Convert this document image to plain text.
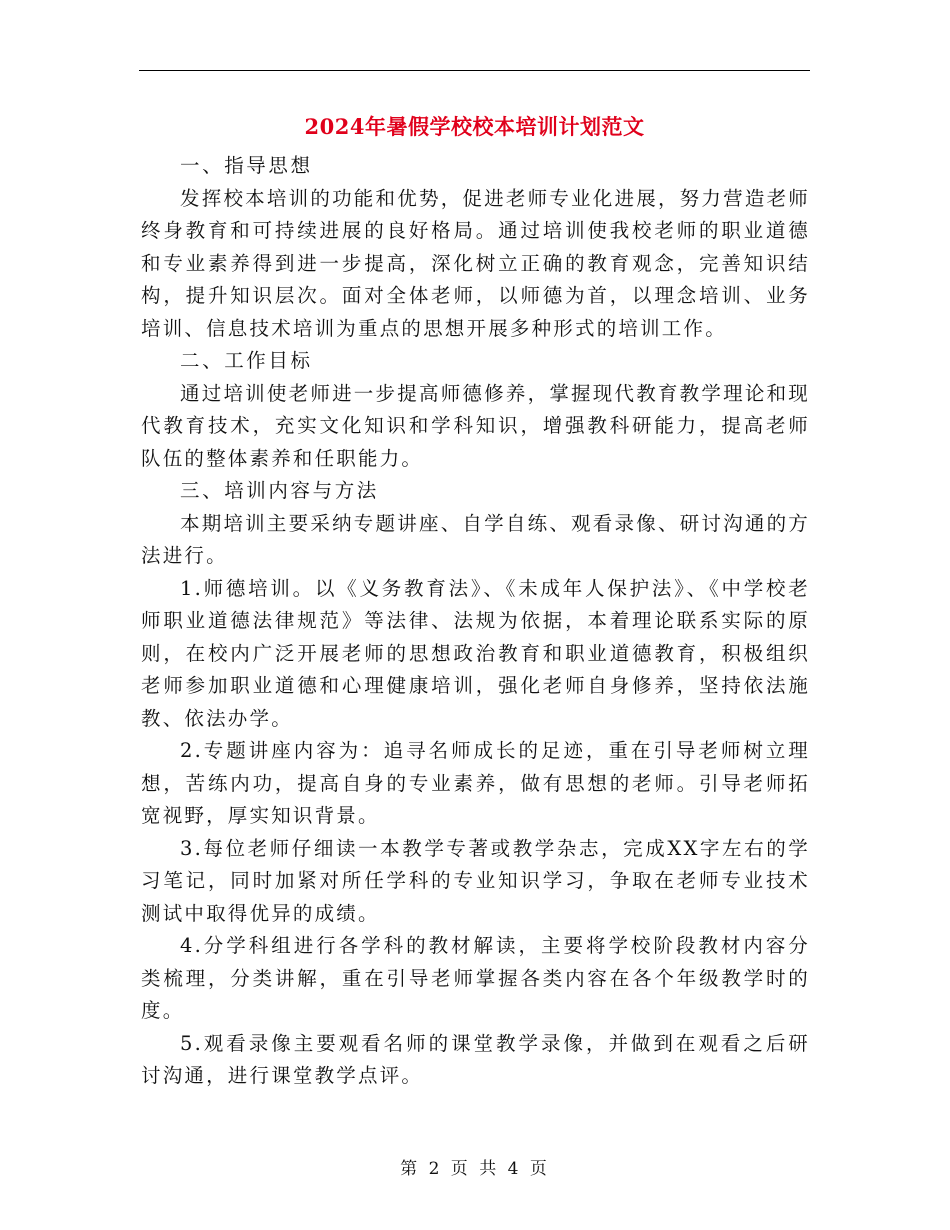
2024年暑假学校校本培训计划范文

一、指导思想

发挥校本培训的功能和优势，促进老师专业化进展，努力营造老师终身教育和可持续进展的良好格局。通过培训使我校老师的职业道德和专业素养得到进一步提高，深化树立正确的教育观念，完善知识结构，提升知识层次。面对全体老师，以师德为首，以理念培训、业务培训、信息技术培训为重点的思想开展多种形式的培训工作。

二、工作目标

通过培训使老师进一步提高师德修养，掌握现代教育教学理论和现代教育技术，充实文化知识和学科知识，增强教科研能力，提高老师队伍的整体素养和任职能力。

三、培训内容与方法

本期培训主要采纳专题讲座、自学自练、观看录像、研讨沟通的方法进行。

1.师德培训。以《义务教育法》、《未成年人保护法》、《中学校老师职业道德法律规范》等法律、法规为依据，本着理论联系实际的原则，在校内广泛开展老师的思想政治教育和职业道德教育，积极组织老师参加职业道德和心理健康培训，强化老师自身修养，坚持依法施教、依法办学。

2.专题讲座内容为：追寻名师成长的足迹，重在引导老师树立理想，苦练内功，提高自身的专业素养，做有思想的老师。引导老师拓宽视野，厚实知识背景。

3.每位老师仔细读一本教学专著或教学杂志，完成XX字左右的学习笔记，同时加紧对所任学科的专业知识学习，争取在老师专业技术测试中取得优异的成绩。

4.分学科组进行各学科的教材解读，主要将学校阶段教材内容分类梳理，分类讲解，重在引导老师掌握各类内容在各个年级教学时的度。

5.观看录像主要观看名师的课堂教学录像，并做到在观看之后研讨沟通，进行课堂教学点评。

第 2 页 共 4 页
